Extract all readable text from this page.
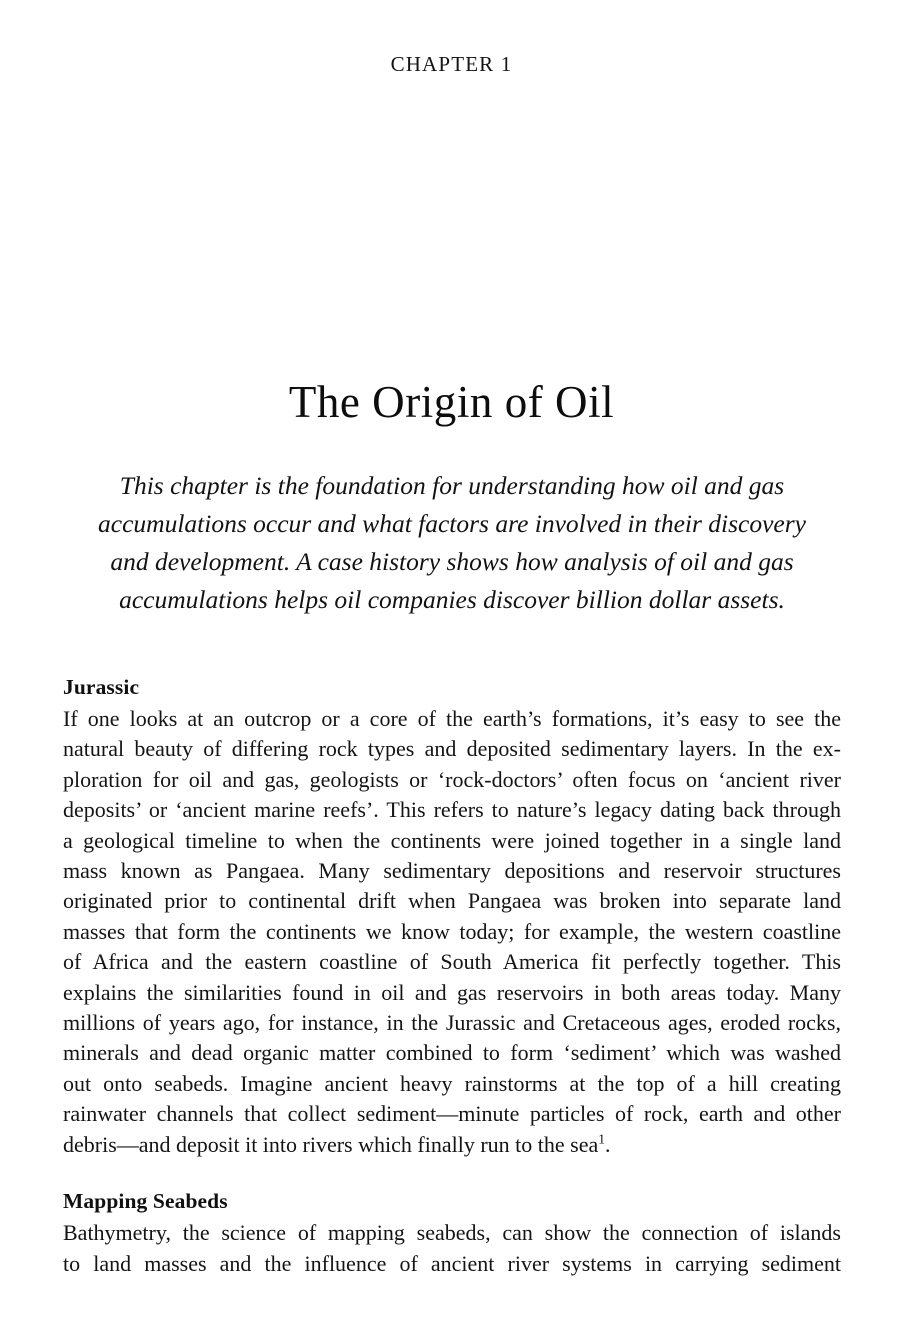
CHAPTER 1
The Origin of Oil
This chapter is the foundation for understanding how oil and gas
accumulations occur and what factors are involved in their discovery
and development. A case history shows how analysis of oil and gas
accumulations helps oil companies discover billion dollar assets.
Jurassic

If one looks at an outcrop or a core of the earth’s formations, it’s easy to see the
natural beauty of differing rock types and deposited sedimentary layers. In the ex-
ploration for oil and gas, geologists or ‘rock-doctors’ often focus on ‘ancient river
deposits’ or ‘ancient marine reefs’. This refers to nature’s legacy dating back through
a geological timeline to when the continents were joined together in a single land
mass known as Pangaea. Many sedimentary depositions and reservoir structures
originated prior to continental drift when Pangaea was broken into separate land
masses that form the continents we know today; for example, the western coastline
of Africa and the eastern coastline of South America fit perfectly together. This
explains the similarities found in oil and gas reservoirs in both areas today. Many
millions of years ago, for instance, in the Jurassic and Cretaceous ages, eroded rocks,
minerals and dead organic matter combined to form ‘sediment’ which was washed
out onto seabeds. Imagine ancient heavy rainstorms at the top of a hill creating
rainwater channels that collect sediment—minute particles of rock, earth and other
debris—and deposit it into rivers which finally run to the sea$^1$.

Mapping Seabeds

Bathymetry, the science of mapping seabeds, can show the connection of islands
to land masses and the influence of ancient river systems in carrying sediment
